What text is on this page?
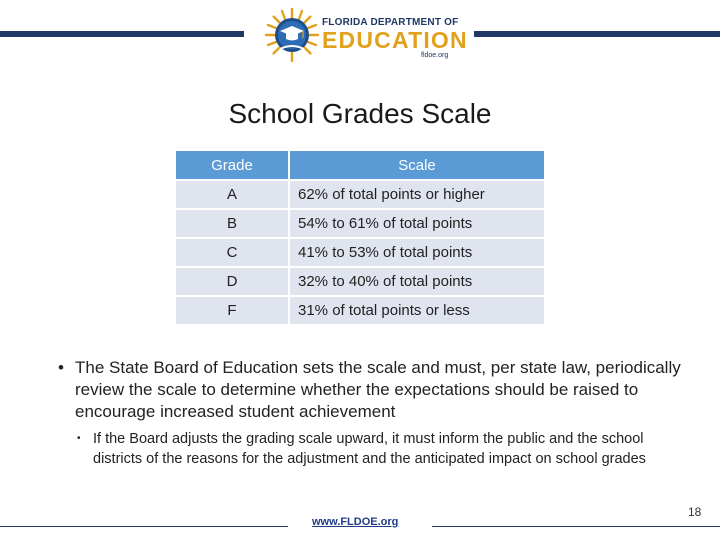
FLORIDA DEPARTMENT OF
EDUCATION
fldoe.org
School Grades Scale
Grade	Scale
A	62% of total points or higher
B	54% to 61% of total points
C	41% to 53% of total points
D	32% to 40% of total points
F	31% of total points or less
• The State Board of Education sets the scale and must, per state law, periodically review the scale to determine whether the expectations should be raised to encourage increased student achievement
• If the Board adjusts the grading scale upward, it must inform the public and the school districts of the reasons for the adjustment and the anticipated impact on school grades
www.FLDOE.org
18
